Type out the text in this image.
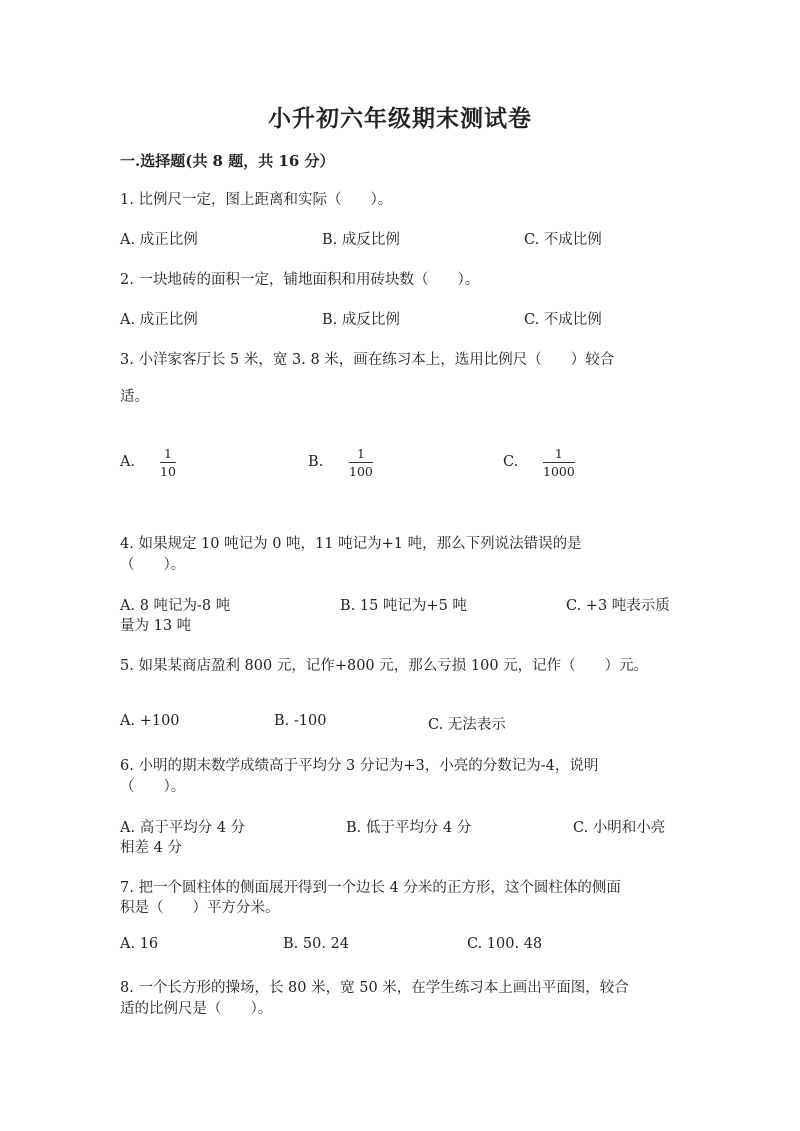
小升初六年级期末测试卷
一.选择题(共 8 题，共 16 分）
1. 比例尺一定，图上距离和实际（　　）。
A. 成正比例	B. 成反比例	C. 不成比例
2. 一块地砖的面积一定，铺地面积和用砖块数（　　）。
A. 成正比例	B. 成反比例	C. 不成比例
3. 小洋家客厅长 5 米，宽 3. 8 米，画在练习本上，选用比例尺（　　）较合
适。
A. $\frac{1}{10}$	B. $\frac{1}{100}$	C. $\frac{1}{1000}$
4. 如果规定 10 吨记为 0 吨，11 吨记为+1 吨，那么下列说法错误的是
（　　）。
A. 8 吨记为-8 吨	B. 15 吨记为+5 吨	C. +3 吨表示质
量为 13 吨
5. 如果某商店盈利 800 元，记作+800 元，那么亏损 100 元，记作（　　）元。
A. +100	B. -100	C. 无法表示
6. 小明的期末数学成绩高于平均分 3 分记为+3，小亮的分数记为-4，说明
（　　）。
A. 高于平均分 4 分	B. 低于平均分 4 分	C. 小明和小亮
相差 4 分
7. 把一个圆柱体的侧面展开得到一个边长 4 分米的正方形，这个圆柱体的侧面
积是（　　）平方分米。
A. 16	B. 50. 24	C. 100. 48
8. 一个长方形的操场，长 80 米，宽 50 米，在学生练习本上画出平面图，较合
适的比例尺是（　　）。
